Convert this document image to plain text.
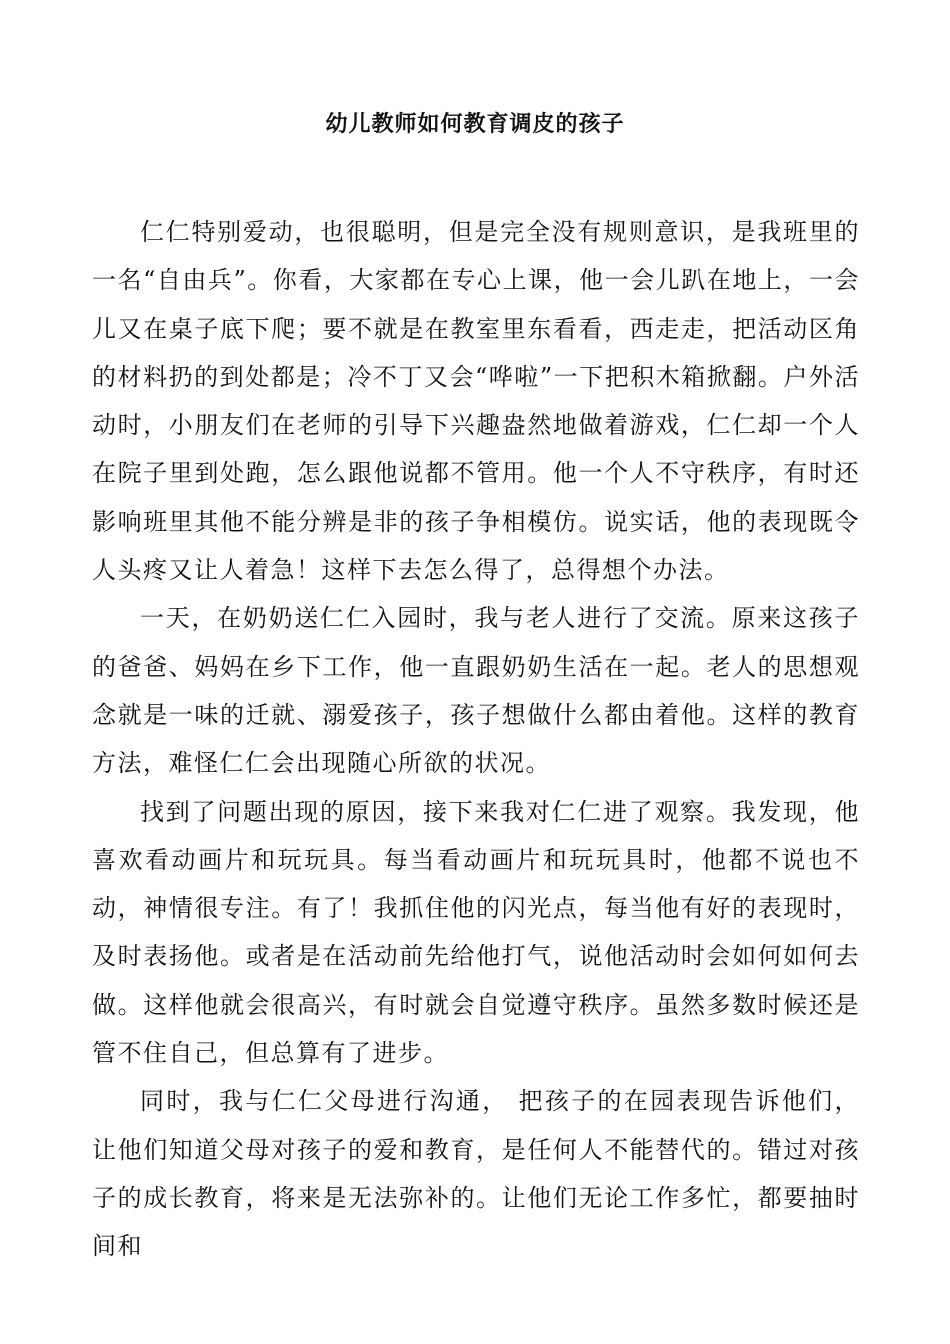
幼儿教师如何教育调皮的孩子

仁仁特别爱动，也很聪明，但是完全没有规则意识，是我班里的一名“自由兵”。你看，大家都在专心上课，他一会儿趴在地上，一会儿又在桌子底下爬；要不就是在教室里东看看，西走走，把活动区角的材料扔的到处都是；冷不丁又会“哗啦”一下把积木箱掀翻。户外活动时，小朋友们在老师的引导下兴趣盎然地做着游戏，仁仁却一个人在院子里到处跑，怎么跟他说都不管用。他一个人不守秩序，有时还影响班里其他不能分辨是非的孩子争相模仿。说实话，他的表现既令人头疼又让人着急！这样下去怎么得了，总得想个办法。

一天，在奶奶送仁仁入园时，我与老人进行了交流。原来这孩子的爸爸、妈妈在乡下工作，他一直跟奶奶生活在一起。老人的思想观念就是一味的迁就、溺爱孩子，孩子想做什么都由着他。这样的教育方法，难怪仁仁会出现随心所欲的状况。

找到了问题出现的原因，接下来我对仁仁进了观察。我发现，他喜欢看动画片和玩玩具。每当看动画片和玩玩具时，他都不说也不动，神情很专注。有了！我抓住他的闪光点，每当他有好的表现时，及时表扬他。或者是在活动前先给他打气，说他活动时会如何如何去做。这样他就会很高兴，有时就会自觉遵守秩序。虽然多数时候还是管不住自己，但总算有了进步。

同时，我与仁仁父母进行沟通， 把孩子的在园表现告诉他们，让他们知道父母对孩子的爱和教育，是任何人不能替代的。错过对孩子的成长教育，将来是无法弥补的。让他们无论工作多忙，都要抽时间和
